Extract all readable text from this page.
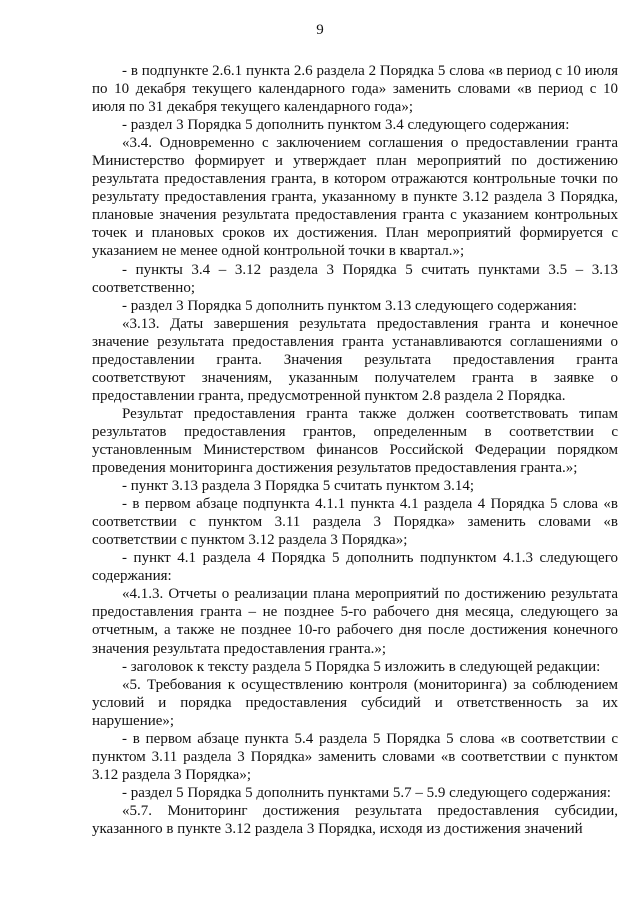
9

- в подпункте 2.6.1 пункта 2.6 раздела 2 Порядка 5 слова «в период с 10 июля по 10 декабря текущего календарного года» заменить словами «в период с 10 июля по 31 декабря текущего календарного года»;

- раздел 3 Порядка 5 дополнить пунктом 3.4 следующего содержания:

«3.4. Одновременно с заключением соглашения о предоставлении гранта Министерство формирует и утверждает план мероприятий по достижению результата предоставления гранта, в котором отражаются контрольные точки по результату предоставления гранта, указанному в пункте 3.12 раздела 3 Порядка, плановые значения результата предоставления гранта с указанием контрольных точек и плановых сроков их достижения. План мероприятий формируется с указанием не менее одной контрольной точки в квартал.»;

- пункты 3.4 – 3.12 раздела 3 Порядка 5 считать пунктами 3.5 – 3.13 соответственно;

- раздел 3 Порядка 5 дополнить пунктом 3.13 следующего содержания:

«3.13. Даты завершения результата предоставления гранта и конечное значение результата предоставления гранта устанавливаются соглашениями о предоставлении гранта. Значения результата предоставления гранта соответствуют значениям, указанным получателем гранта в заявке о предоставлении гранта, предусмотренной пунктом 2.8 раздела 2 Порядка.

Результат предоставления гранта также должен соответствовать типам результатов предоставления грантов, определенным в соответствии с установленным Министерством финансов Российской Федерации порядком проведения мониторинга достижения результатов предоставления гранта.»;

- пункт 3.13 раздела 3 Порядка 5 считать пунктом 3.14;

- в первом абзаце подпункта 4.1.1 пункта 4.1 раздела 4 Порядка 5 слова «в соответствии с пунктом 3.11 раздела 3 Порядка» заменить словами «в соответствии с пунктом 3.12 раздела 3 Порядка»;

- пункт 4.1 раздела 4 Порядка 5 дополнить подпунктом 4.1.3 следующего содержания:

«4.1.3. Отчеты о реализации плана мероприятий по достижению результата предоставления гранта – не позднее 5-го рабочего дня месяца, следующего за отчетным, а также не позднее 10-го рабочего дня после достижения конечного значения результата предоставления гранта.»;

- заголовок к тексту раздела 5 Порядка 5 изложить в следующей редакции:

«5. Требования к осуществлению контроля (мониторинга) за соблюдением условий и порядка предоставления субсидий и ответственность за их нарушение»;

- в первом абзаце пункта 5.4 раздела 5 Порядка 5 слова «в соответствии с пунктом 3.11 раздела 3 Порядка» заменить словами «в соответствии с пунктом 3.12 раздела 3 Порядка»;

- раздел 5 Порядка 5 дополнить пунктами 5.7 – 5.9 следующего содержания:

«5.7. Мониторинг достижения результата предоставления субсидии, указанного в пункте 3.12 раздела 3 Порядка, исходя из достижения значений
